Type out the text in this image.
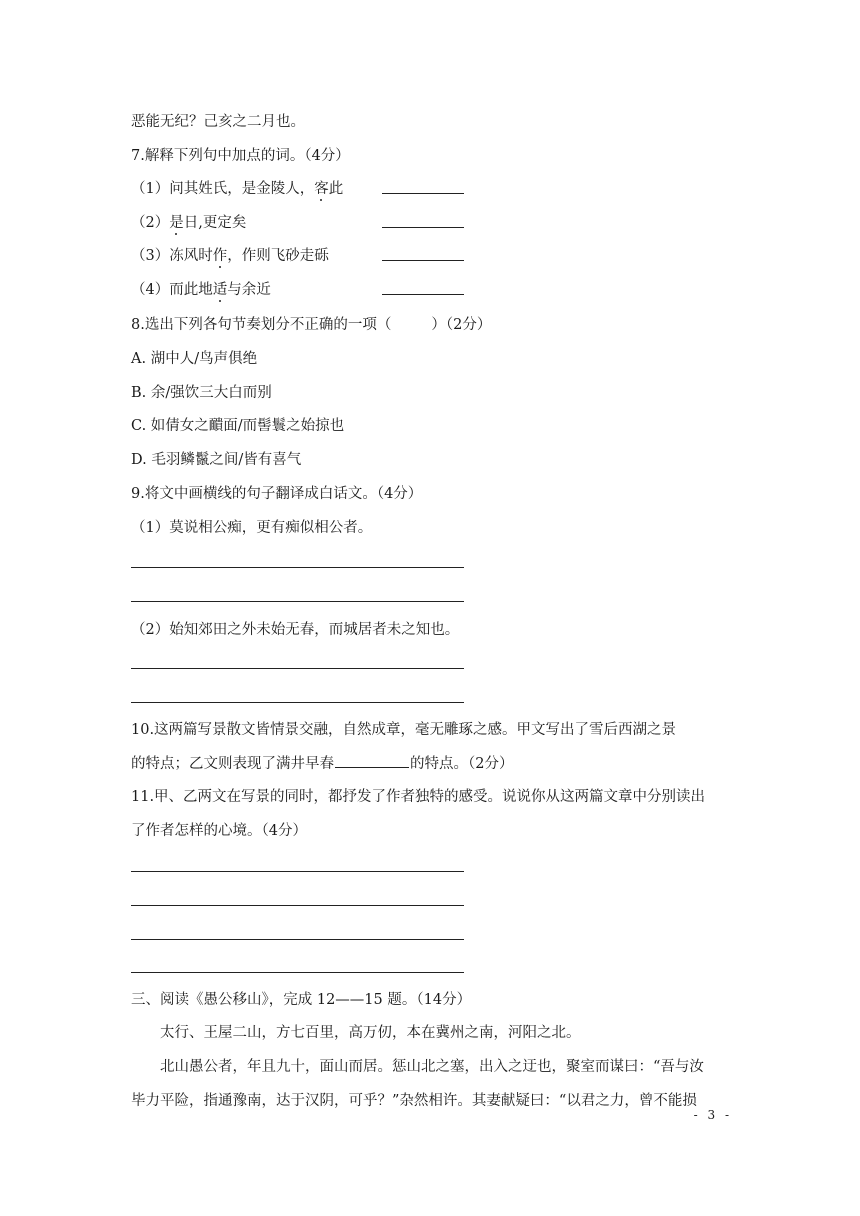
恶能无纪？己亥之二月也。
7.解释下列句中加点的词。（4分）
（1）问其姓氏，是金陵人，客此
（2）是日,更定矣
（3）冻风时作，作则飞砂走砾
（4）而此地适与余近
8.选出下列各句节奏划分不正确的一项（	）（2分）
A. 湖中人/鸟声俱绝
B. 余/强饮三大白而别
C. 如倩女之靧面/而髻鬟之始掠也
D. 毛羽鳞鬣之间/皆有喜气
9.将文中画横线的句子翻译成白话文。（4分）
（1）莫说相公痴，更有痴似相公者。
（2）始知郊田之外未始无春，而城居者未之知也。
10.这两篇写景散文皆情景交融，自然成章，毫无雕琢之感。甲文写出了雪后西湖之景
的特点；乙文则表现了满井早春	的特点。（2分）
11.甲、乙两文在写景的同时，都抒发了作者独特的感受。说说你从这两篇文章中分别读出
了作者怎样的心境。（4分）
三、阅读《愚公移山》，完成 12——15 题。（14分）
太行、王屋二山，方七百里，高万仞，本在冀州之南，河阳之北。
北山愚公者，年且九十，面山而居。惩山北之塞，出入之迂也，聚室而谋曰：“吾与汝
毕力平险，指通豫南，达于汉阴，可乎？”杂然相许。其妻献疑曰：“以君之力，曾不能损
- 3 -
